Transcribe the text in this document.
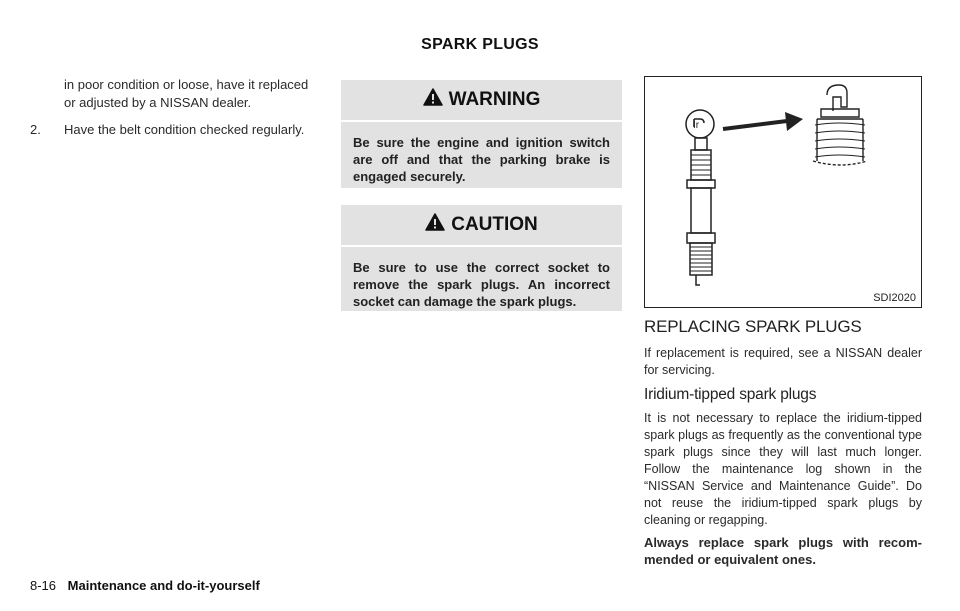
SPARK PLUGS

in poor condition or loose, have it replaced or adjusted by a NISSAN dealer.

2.	Have the belt condition checked regularly.
WARNING
Be sure the engine and ignition switch are off and that the parking brake is engaged securely.
CAUTION
Be sure to use the correct socket to remove the spark plugs. An incorrect socket can damage the spark plugs.
Ir
SDI2020
REPLACING SPARK PLUGS

If replacement is required, see a NISSAN dealer for servicing.

Iridium-tipped spark plugs

It is not necessary to replace the iridium-tipped spark plugs as frequently as the conventional type spark plugs since they will last much longer. Follow the maintenance log shown in the “NISSAN Service and Maintenance Guide”. Do not reuse the iridium-tipped spark plugs by cleaning or regapping.

Always replace spark plugs with recom-mended or equivalent ones.

8-16 Maintenance and do-it-yourself
